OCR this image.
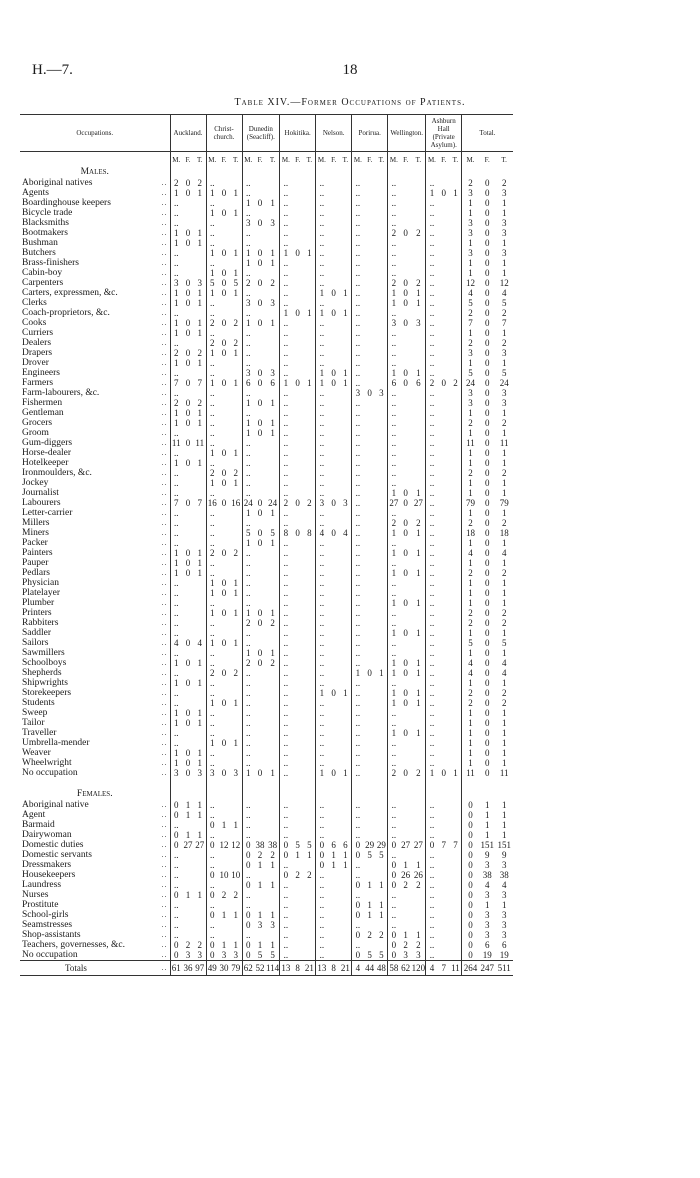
H.—7.	18
Table XIV.—Former Occupations of Patients.
Occupations.	Auckland.			Christ-church.			Dunedin (Seacliff).			Hokitika.			Nelson.			Porirua.			Wellington.			Ashburn Hall (Private Asylum).			Total.		
	M.	F.	T.	M.	F.	T.	M.	F.	T.	M.	F.	T.	M.	F.	T.	M.	F.	T.	M.	F.	T.	M.	F.	T.	M.	F.	T.
Males.																											
Aboriginal natives ..	2	0	2	..			..			..			..			..			..			..			2	0	2
Agents ..	1	0	1	1	0	1	..			..			..			..			..			1	0	1	3	0	3
Boardinghouse keepers ..	..			..			1	0	1	..			..			..			..			..			1	0	1
Bicycle trade ..	..			1	0	1	..			..			..			..			..			..			1	0	1
Blacksmiths ..	..			..			3	0	3	..			..			..			..			..			3	0	3
Bootmakers ..	1	0	1	..			..			..			..			..			2	0	2	..			3	0	3
Bushman ..	1	0	1	..			..			..			..			..			..			..			1	0	1
Butchers ..	..			1	0	1	1	0	1	1	0	1	..			..			..			..			3	0	3
Brass-finishers ..	..			..			1	0	1	..			..			..			..			..			1	0	1
Cabin-boy ..	..			1	0	1	..			..			..			..			..			..			1	0	1
Carpenters ..	3	0	3	5	0	5	2	0	2	..			..			..			2	0	2	..			12	0	12
Carters, expressmen, &c. ..	1	0	1	1	0	1	..			..			1	0	1	..			1	0	1	..			4	0	4
Clerks ..	1	0	1	..			3	0	3	..			..			..			1	0	1	..			5	0	5
Coach-proprietors, &c. ..	..			..			..			1	0	1	1	0	1	..			..			..			2	0	2
Cooks ..	1	0	1	2	0	2	1	0	1	..			..			..			3	0	3	..			7	0	7
Curriers ..	1	0	1	..			..			..			..			..			..			..			1	0	1
Dealers ..	..			2	0	2	..			..			..			..			..			..			2	0	2
Drapers ..	2	0	2	1	0	1	..			..			..			..			..			..			3	0	3
Drover ..	1	0	1	..			..			..			..			..			..			..			1	0	1
Engineers ..	..			..			3	0	3	..			1	0	1	..			1	0	1	..			5	0	5
Farmers ..	7	0	7	1	0	1	6	0	6	1	0	1	1	0	1	..			6	0	6	2	0	2	24	0	24
Farm-labourers, &c. ..	..			..			..			..			..			3	0	3	..			..			3	0	3
Fishermen ..	2	0	2	..			1	0	1	..			..			..			..			..			3	0	3
Gentleman ..	1	0	1	..			..			..			..			..			..			..			1	0	1
Grocers ..	1	0	1	..			1	0	1	..			..			..			..			..			2	0	2
Groom ..	..			..			1	0	1	..			..			..			..			..			1	0	1
Gum-diggers ..	11	0	11	..			..			..			..			..			..			..			11	0	11
Horse-dealer ..	..			1	0	1	..			..			..			..			..			..			1	0	1
Hotelkeeper ..	1	0	1	..			..			..			..			..			..			..			1	0	1
Ironmoulders, &c. ..	..			2	0	2	..			..			..			..			..			..			2	0	2
Jockey ..	..			1	0	1	..			..			..			..			..			..			1	0	1
Journalist ..	..			..			..			..			..			..			1	0	1	..			1	0	1
Labourers ..	7	0	7	16	0	16	24	0	24	2	0	2	3	0	3	..			27	0	27	..			79	0	79
Letter-carrier ..	..			..			1	0	1	..			..			..			..			..			1	0	1
Millers ..	..			..			..			..			..			..			2	0	2	..			2	0	2
Miners ..	..			..			5	0	5	8	0	8	4	0	4	..			1	0	1	..			18	0	18
Packer ..	..			..			1	0	1	..			..			..			..			..			1	0	1
Painters ..	1	0	1	2	0	2	..			..			..			..			1	0	1	..			4	0	4
Pauper ..	1	0	1	..			..			..			..			..			..			..			1	0	1
Pedlars ..	1	0	1	..			..			..			..			..			1	0	1	..			2	0	2
Physician ..	..			1	0	1	..			..			..			..			..			..			1	0	1
Platelayer ..	..			1	0	1	..			..			..			..			..			..			1	0	1
Plumber ..	..			..			..			..			..			..			1	0	1	..			1	0	1
Printers ..	..			1	0	1	1	0	1	..			..			..			..			..			2	0	2
Rabbiters ..	..			..			2	0	2	..			..			..			..			..			2	0	2
Saddler ..	..			..			..			..			..			..			1	0	1	..			1	0	1
Sailors ..	4	0	4	1	0	1	..			..			..			..			..			..			5	0	5
Sawmillers ..	..			..			1	0	1	..			..			..			..			..			1	0	1
Schoolboys ..	1	0	1	..			2	0	2	..			..			..			1	0	1	..			4	0	4
Shepherds ..	..			2	0	2	..			..			..			1	0	1	1	0	1	..			4	0	4
Shipwrights ..	1	0	1	..			..			..			..			..			..			..			1	0	1
Storekeepers ..	..			..			..			..			1	0	1	..			1	0	1	..			2	0	2
Students ..	..			1	0	1	..			..			..			..			1	0	1	..			2	0	2
Sweep ..	1	0	1	..			..			..			..			..			..			..			1	0	1
Tailor ..	1	0	1	..			..			..			..			..			..			..			1	0	1
Traveller ..	..			..			..			..			..			..			1	0	1	..			1	0	1
Umbrella-mender ..	..			1	0	1	..			..			..			..			..			..			1	0	1
Weaver ..	1	0	1	..			..			..			..			..			..			..			1	0	1
Wheelwright ..	1	0	1	..			..			..			..			..			..			..			1	0	1
No occupation ..	3	0	3	3	0	3	1	0	1	..			1	0	1	..			2	0	2	1	0	1	11	0	11

Females.																											
Aboriginal native ..	0	1	1	..			..			..			..			..			..			..			0	1	1
Agent ..	0	1	1	..			..			..			..			..			..			..			0	1	1
Barmaid ..	..			0	1	1	..			..			..			..			..			..			0	1	1
Dairywoman ..	0	1	1	..			..			..			..			..			..			..			0	1	1
Domestic duties ..	0	27	27	0	12	12	0	38	38	0	5	5	0	6	6	0	29	29	0	27	27	0	7	7	0	151	151
Domestic servants ..	..			..			0	2	2	0	1	1	0	1	1	0	5	5	..			..			0	9	9
Dressmakers ..	..			..			0	1	1	..			0	1	1	..			0	1	1	..			0	3	3
Housekeepers ..	..			0	10	10	..			0	2	2	..			..			0	26	26	..			0	38	38
Laundress ..	..			..			0	1	1	..			..			0	1	1	0	2	2	..			0	4	4
Nurses ..	0	1	1	0	2	2	..			..			..			..			..			..			0	3	3
Prostitute ..	..			..			..			..			..			0	1	1	..			..			0	1	1
School-girls ..	..			0	1	1	0	1	1	..			..			0	1	1	..			..			0	3	3
Seamstresses ..	..			..			0	3	3	..			..			..			..			..			0	3	3
Shop-assistants ..	..			..			..			..			..			0	2	2	0	1	1	..			0	3	3
Teachers, governesses, &c. ..	0	2	2	0	1	1	0	1	1	..			..			..			0	2	2	..			0	6	6
No occupation ..	0	3	3	0	3	3	0	5	5	..			..			0	5	5	0	3	3	..			0	19	19
Totals ..	61	36	97	49	30	79	62	52	114	13	8	21	13	8	21	4	44	48	58	62	120	4	7	11	264	247	511
